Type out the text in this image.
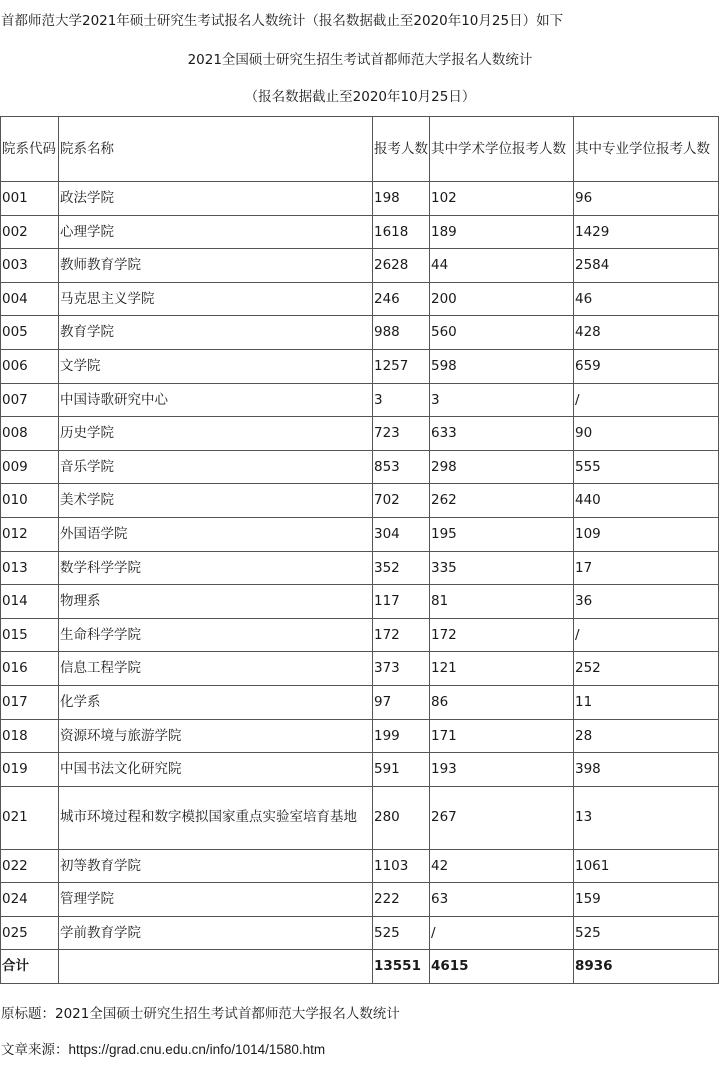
首都师范大学2021年硕士研究生考试报名人数统计（报名数据截止至2020年10月25日）如下
2021全国硕士研究生招生考试首都师范大学报名人数统计
（报名数据截止至2020年10月25日）
院系代码	院系名称	报考人数	其中学术学位报考人数	其中专业学位报考人数
001	政法学院	198	102	96
002	心理学院	1618	189	1429
003	教师教育学院	2628	44	2584
004	马克思主义学院	246	200	46
005	教育学院	988	560	428
006	文学院	1257	598	659
007	中国诗歌研究中心	3	3	/
008	历史学院	723	633	90
009	音乐学院	853	298	555
010	美术学院	702	262	440
012	外国语学院	304	195	109
013	数学科学学院	352	335	17
014	物理系	117	81	36
015	生命科学学院	172	172	/
016	信息工程学院	373	121	252
017	化学系	97	86	11
018	资源环境与旅游学院	199	171	28
019	中国书法文化研究院	591	193	398
021	城市环境过程和数字模拟国家重点实验室培育基地	280	267	13
022	初等教育学院	1103	42	1061
024	管理学院	222	63	159
025	学前教育学院	525	/	525
合计		13551	4615	8936
原标题：2021全国硕士研究生招生考试首都师范大学报名人数统计
文章来源：https://grad.cnu.edu.cn/info/1014/1580.htm
